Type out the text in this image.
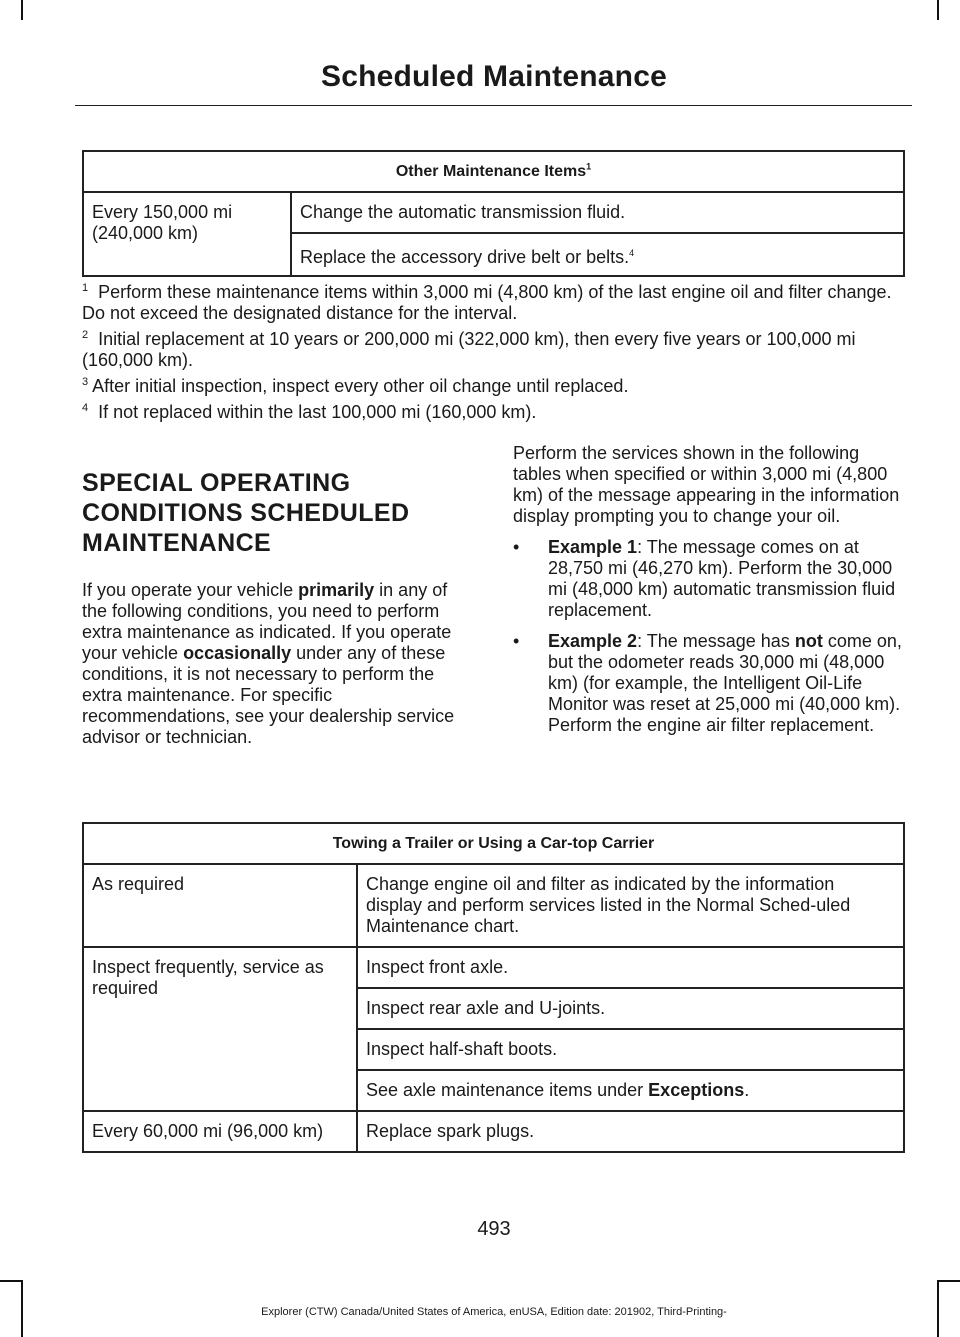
Scheduled Maintenance
Other Maintenance Items$^1$
Every 150,000 mi (240,000 km)	Change the automatic transmission fluid.
Replace the accessory drive belt or belts.$^4$

$^1$ Perform these maintenance items within 3,000 mi (4,800 km) of the last engine oil and filter change. Do not exceed the designated distance for the interval.

$^2$ Initial replacement at 10 years or 200,000 mi (322,000 km), then every five years or 100,000 mi (160,000 km).

$^3$ After initial inspection, inspect every other oil change until replaced.

$^4$ If not replaced within the last 100,000 mi (160,000 km).

SPECIAL OPERATING
CONDITIONS SCHEDULED
MAINTENANCE

If you operate your vehicle primarily in any of the following conditions, you need to perform extra maintenance as indicated. If you operate your vehicle occasionally under any of these conditions, it is not necessary to perform the extra maintenance. For specific recommendations, see your dealership service advisor or technician.

Perform the services shown in the following tables when specified or within 3,000 mi (4,800 km) of the message appearing in the information display prompting you to change your oil.

• Example 1: The message comes on at 28,750 mi (46,270 km). Perform the 30,000 mi (48,000 km) automatic transmission fluid replacement.
• Example 2: The message has not come on, but the odometer reads 30,000 mi (48,000 km) (for example, the Intelligent Oil-Life Monitor was reset at 25,000 mi (40,000 km). Perform the engine air filter replacement.
Towing a Trailer or Using a Car-top Carrier	
As required	Change engine oil and filter as indicated by the information display and perform services listed in the Normal Sched-uled Maintenance chart.
Inspect frequently, service as required	Inspect front axle.
	Inspect rear axle and U-joints.
	Inspect half-shaft boots.
	See axle maintenance items under Exceptions.
Every 60,000 mi (96,000 km)	Replace spark plugs.
493
Explorer (CTW) Canada/United States of America, enUSA, Edition date: 201902, Third-Printing-
